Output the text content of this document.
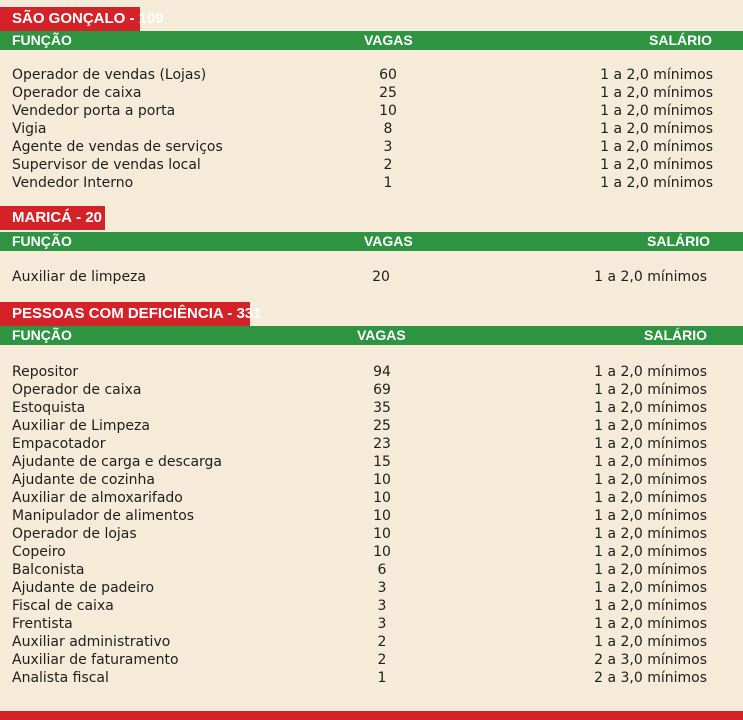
SÃO GONÇALO - 109
FUNÇÃO	VAGAS	SALÁRIO
Operador de vendas (Lojas)	60	1 a 2,0 mínimos
Operador de caixa	25	1 a 2,0 mínimos
Vendedor porta a porta	10	1 a 2,0 mínimos
Vigia	8	1 a 2,0 mínimos
Agente de vendas de serviços	3	1 a 2,0 mínimos
Supervisor de vendas local	2	1 a 2,0 mínimos
Vendedor Interno	1	1 a 2,0 mínimos
MARICÁ - 20
FUNÇÃO	VAGAS	SALÁRIO
Auxiliar de limpeza	20	1 a 2,0 mínimos
PESSOAS COM DEFICIÊNCIA - 331
FUNÇÃO	VAGAS	SALÁRIO
Repositor	94	1 a 2,0 mínimos
Operador de caixa	69	1 a 2,0 mínimos
Estoquista	35	1 a 2,0 mínimos
Auxiliar de Limpeza	25	1 a 2,0 mínimos
Empacotador	23	1 a 2,0 mínimos
Ajudante de carga e descarga	15	1 a 2,0 mínimos
Ajudante de cozinha	10	1 a 2,0 mínimos
Auxiliar de almoxarifado	10	1 a 2,0 mínimos
Manipulador de alimentos	10	1 a 2,0 mínimos
Operador de lojas	10	1 a 2,0 mínimos
Copeiro	10	1 a 2,0 mínimos
Balconista	6	1 a 2,0 mínimos
Ajudante de padeiro	3	1 a 2,0 mínimos
Fiscal de caixa	3	1 a 2,0 mínimos
Frentista	3	1 a 2,0 mínimos
Auxiliar administrativo	2	1 a 2,0 mínimos
Auxiliar de faturamento	2	2 a 3,0 mínimos
Analista fiscal	1	2 a 3,0 mínimos
